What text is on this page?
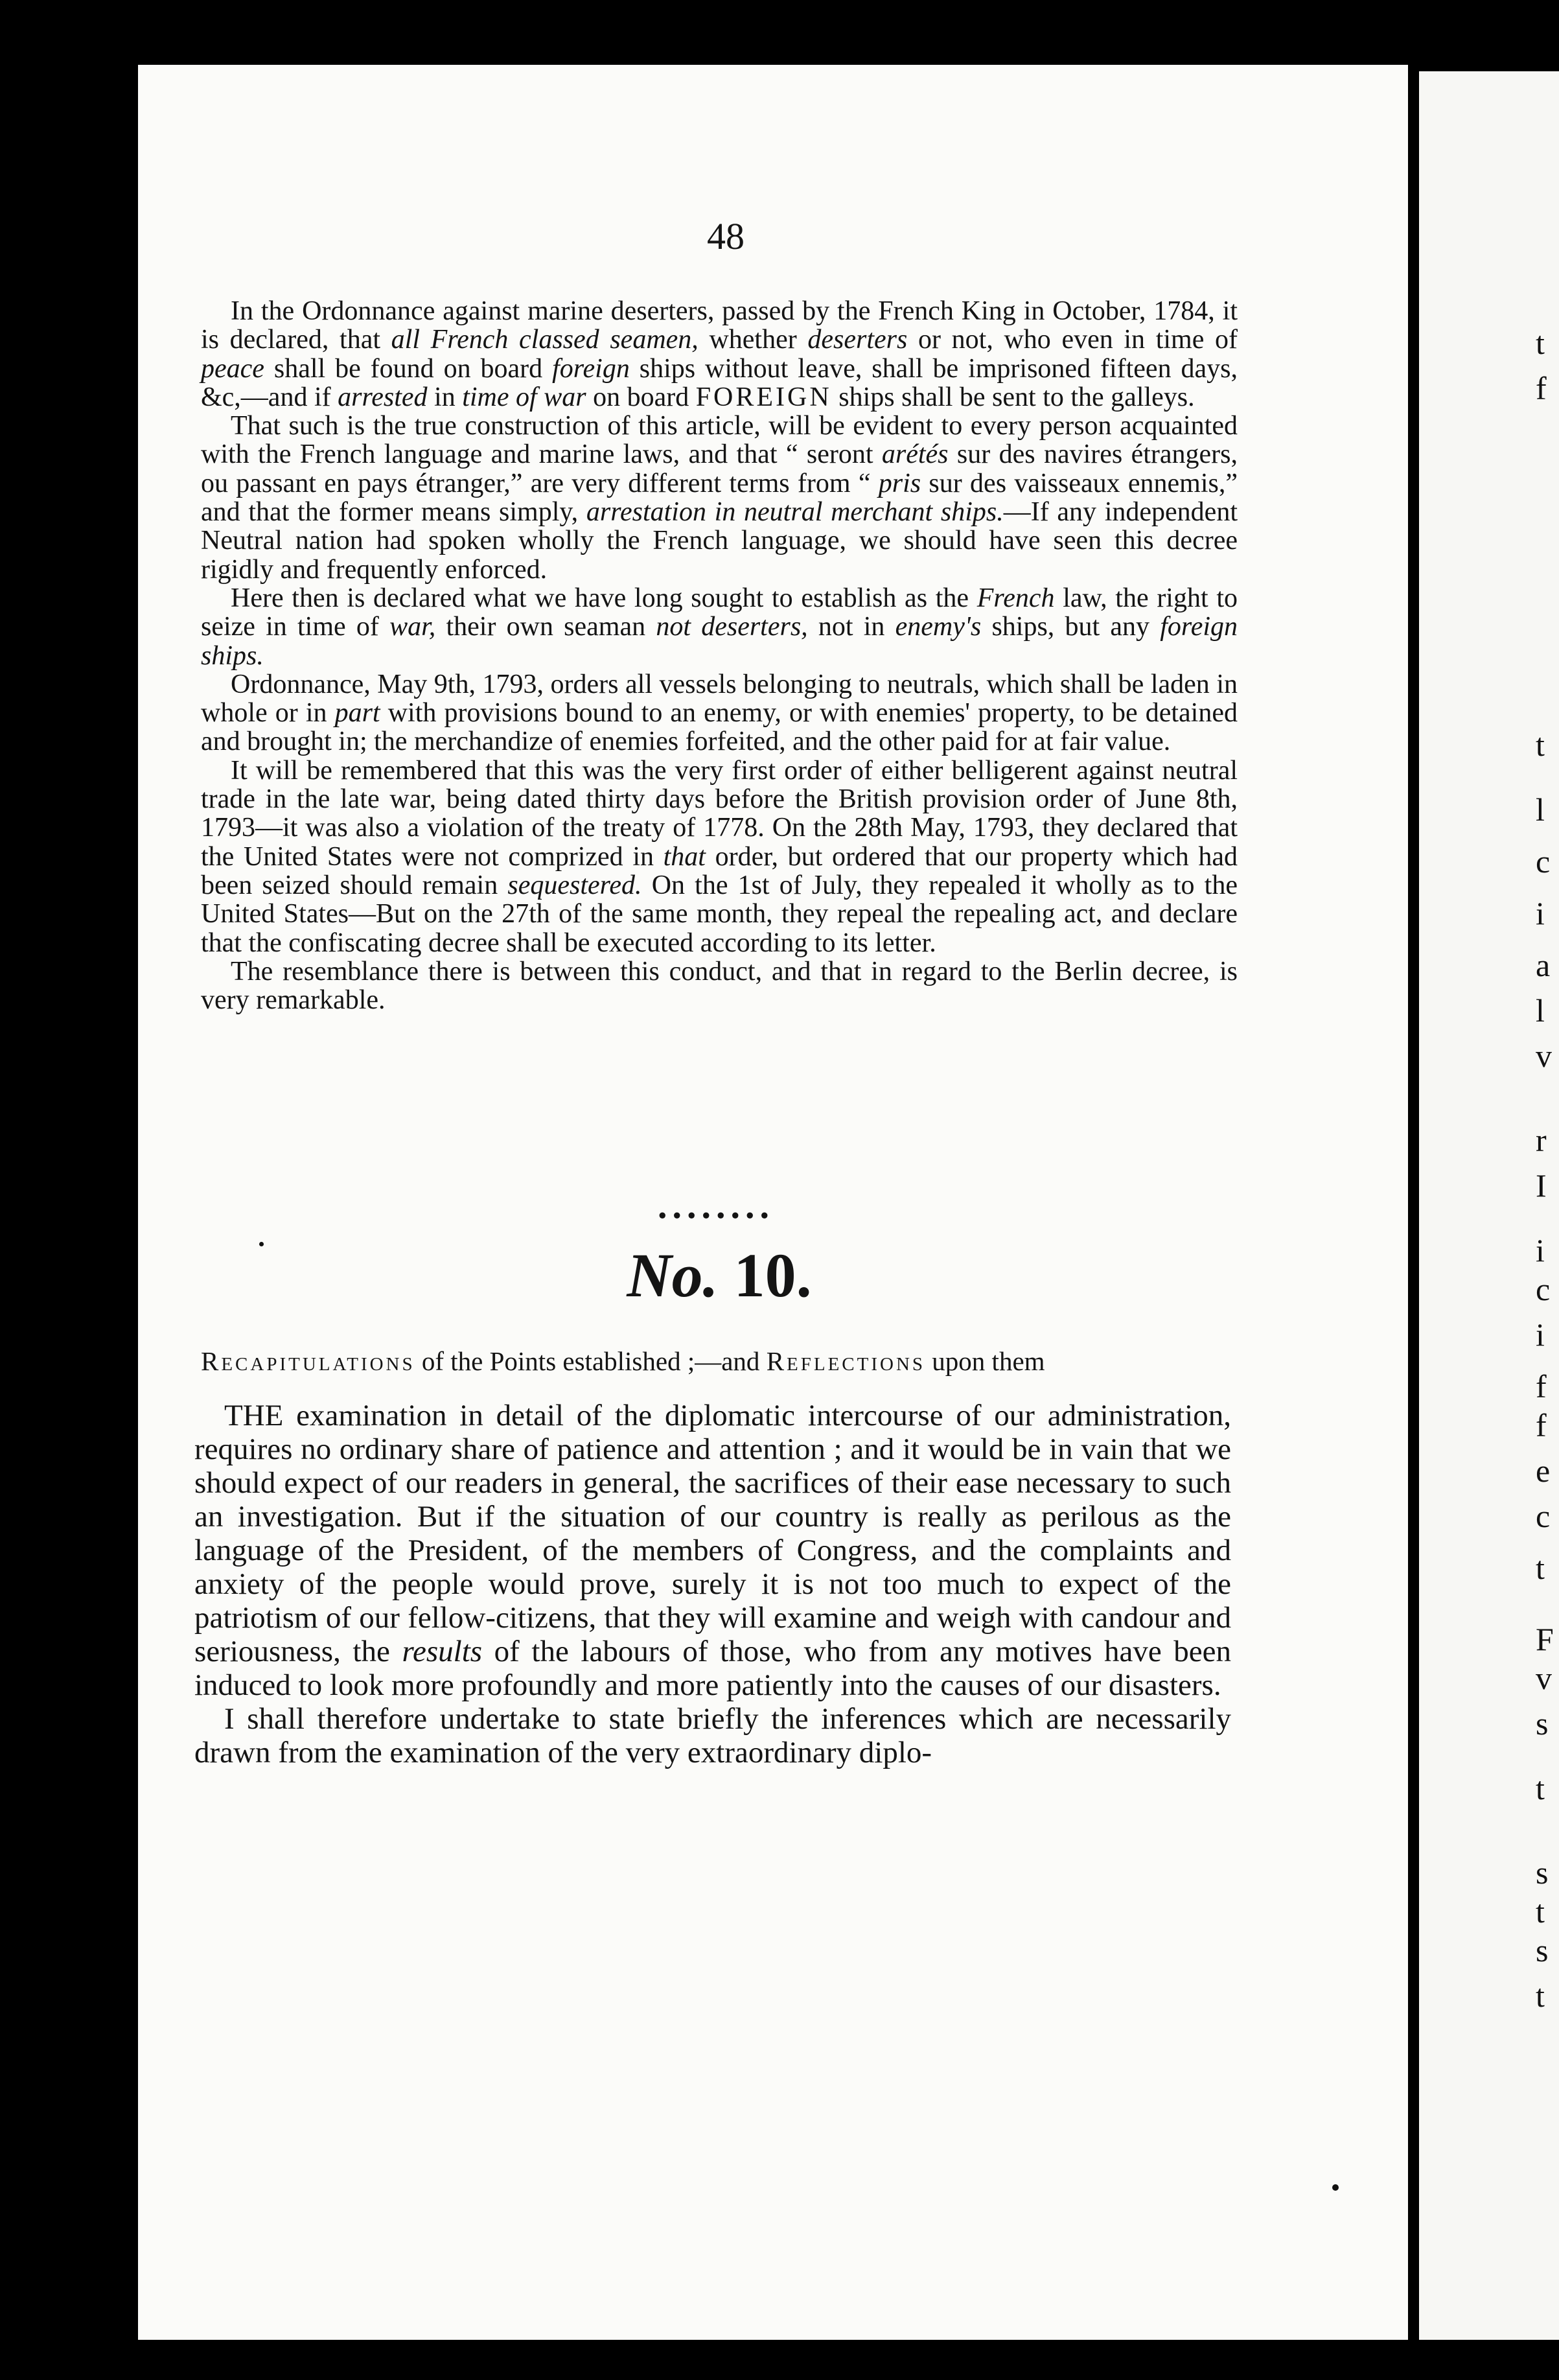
t
f
t
l
c
i
a
l
v
r
I
i
c
i
f
f
e
c
t
F
v
s
t
s
t
s
t
48

In the Ordonnance against marine deserters, passed by the French King in October, 1784, it is declared, that all French classed seamen, whether deserters or not, who even in time of peace shall be found on board foreign ships without leave, shall be imprisoned fifteen days, &c,—and if arrested in time of war on board FOREIGN ships shall be sent to the galleys.

That such is the true construction of this article, will be evident to every person acquainted with the French language and marine laws, and that “ seront arétés sur des navires étrangers, ou passant en pays étranger,” are very different terms from “ pris sur des vaisseaux ennemis,” and that the former means simply, arrestation in neutral merchant ships.—If any independent Neutral nation had spoken wholly the French language, we should have seen this decree rigidly and frequently enforced.

Here then is declared what we have long sought to establish as the French law, the right to seize in time of war, their own seaman not deserters, not in enemy's ships, but any foreign ships.

Ordonnance, May 9th, 1793, orders all vessels belonging to neutrals, which shall be laden in whole or in part with provisions bound to an enemy, or with enemies' property, to be detained and brought in; the merchandize of enemies forfeited, and the other paid for at fair value.

It will be remembered that this was the very first order of either belligerent against neutral trade in the late war, being dated thirty days before the British provision order of June 8th, 1793—it was also a violation of the treaty of 1778. On the 28th May, 1793, they declared that the United States were not comprized in that order, but ordered that our property which had been seized should remain sequestered. On the 1st of July, they repealed it wholly as to the United States—But on the 27th of the same month, they repeal the repealing act, and declare that the confiscating decree shall be executed according to its letter.

The resemblance there is between this conduct, and that in regard to the Berlin decree, is very remarkable.

........
No. 10.
Recapitulations of the Points established ;—and Reflections upon them

THE examination in detail of the diplomatic intercourse of our administration, requires no ordinary share of patience and attention ; and it would be in vain that we should expect of our readers in general, the sacrifices of their ease necessary to such an investigation. But if the situation of our country is really as perilous as the language of the President, of the members of Congress, and the complaints and anxiety of the people would prove, surely it is not too much to expect of the patriotism of our fellow-citizens, that they will examine and weigh with candour and seriousness, the results of the labours of those, who from any motives have been induced to look more profoundly and more patiently into the causes of our disasters.

I shall therefore undertake to state briefly the inferences which are necessarily drawn from the examination of the very extraordinary diplo-
